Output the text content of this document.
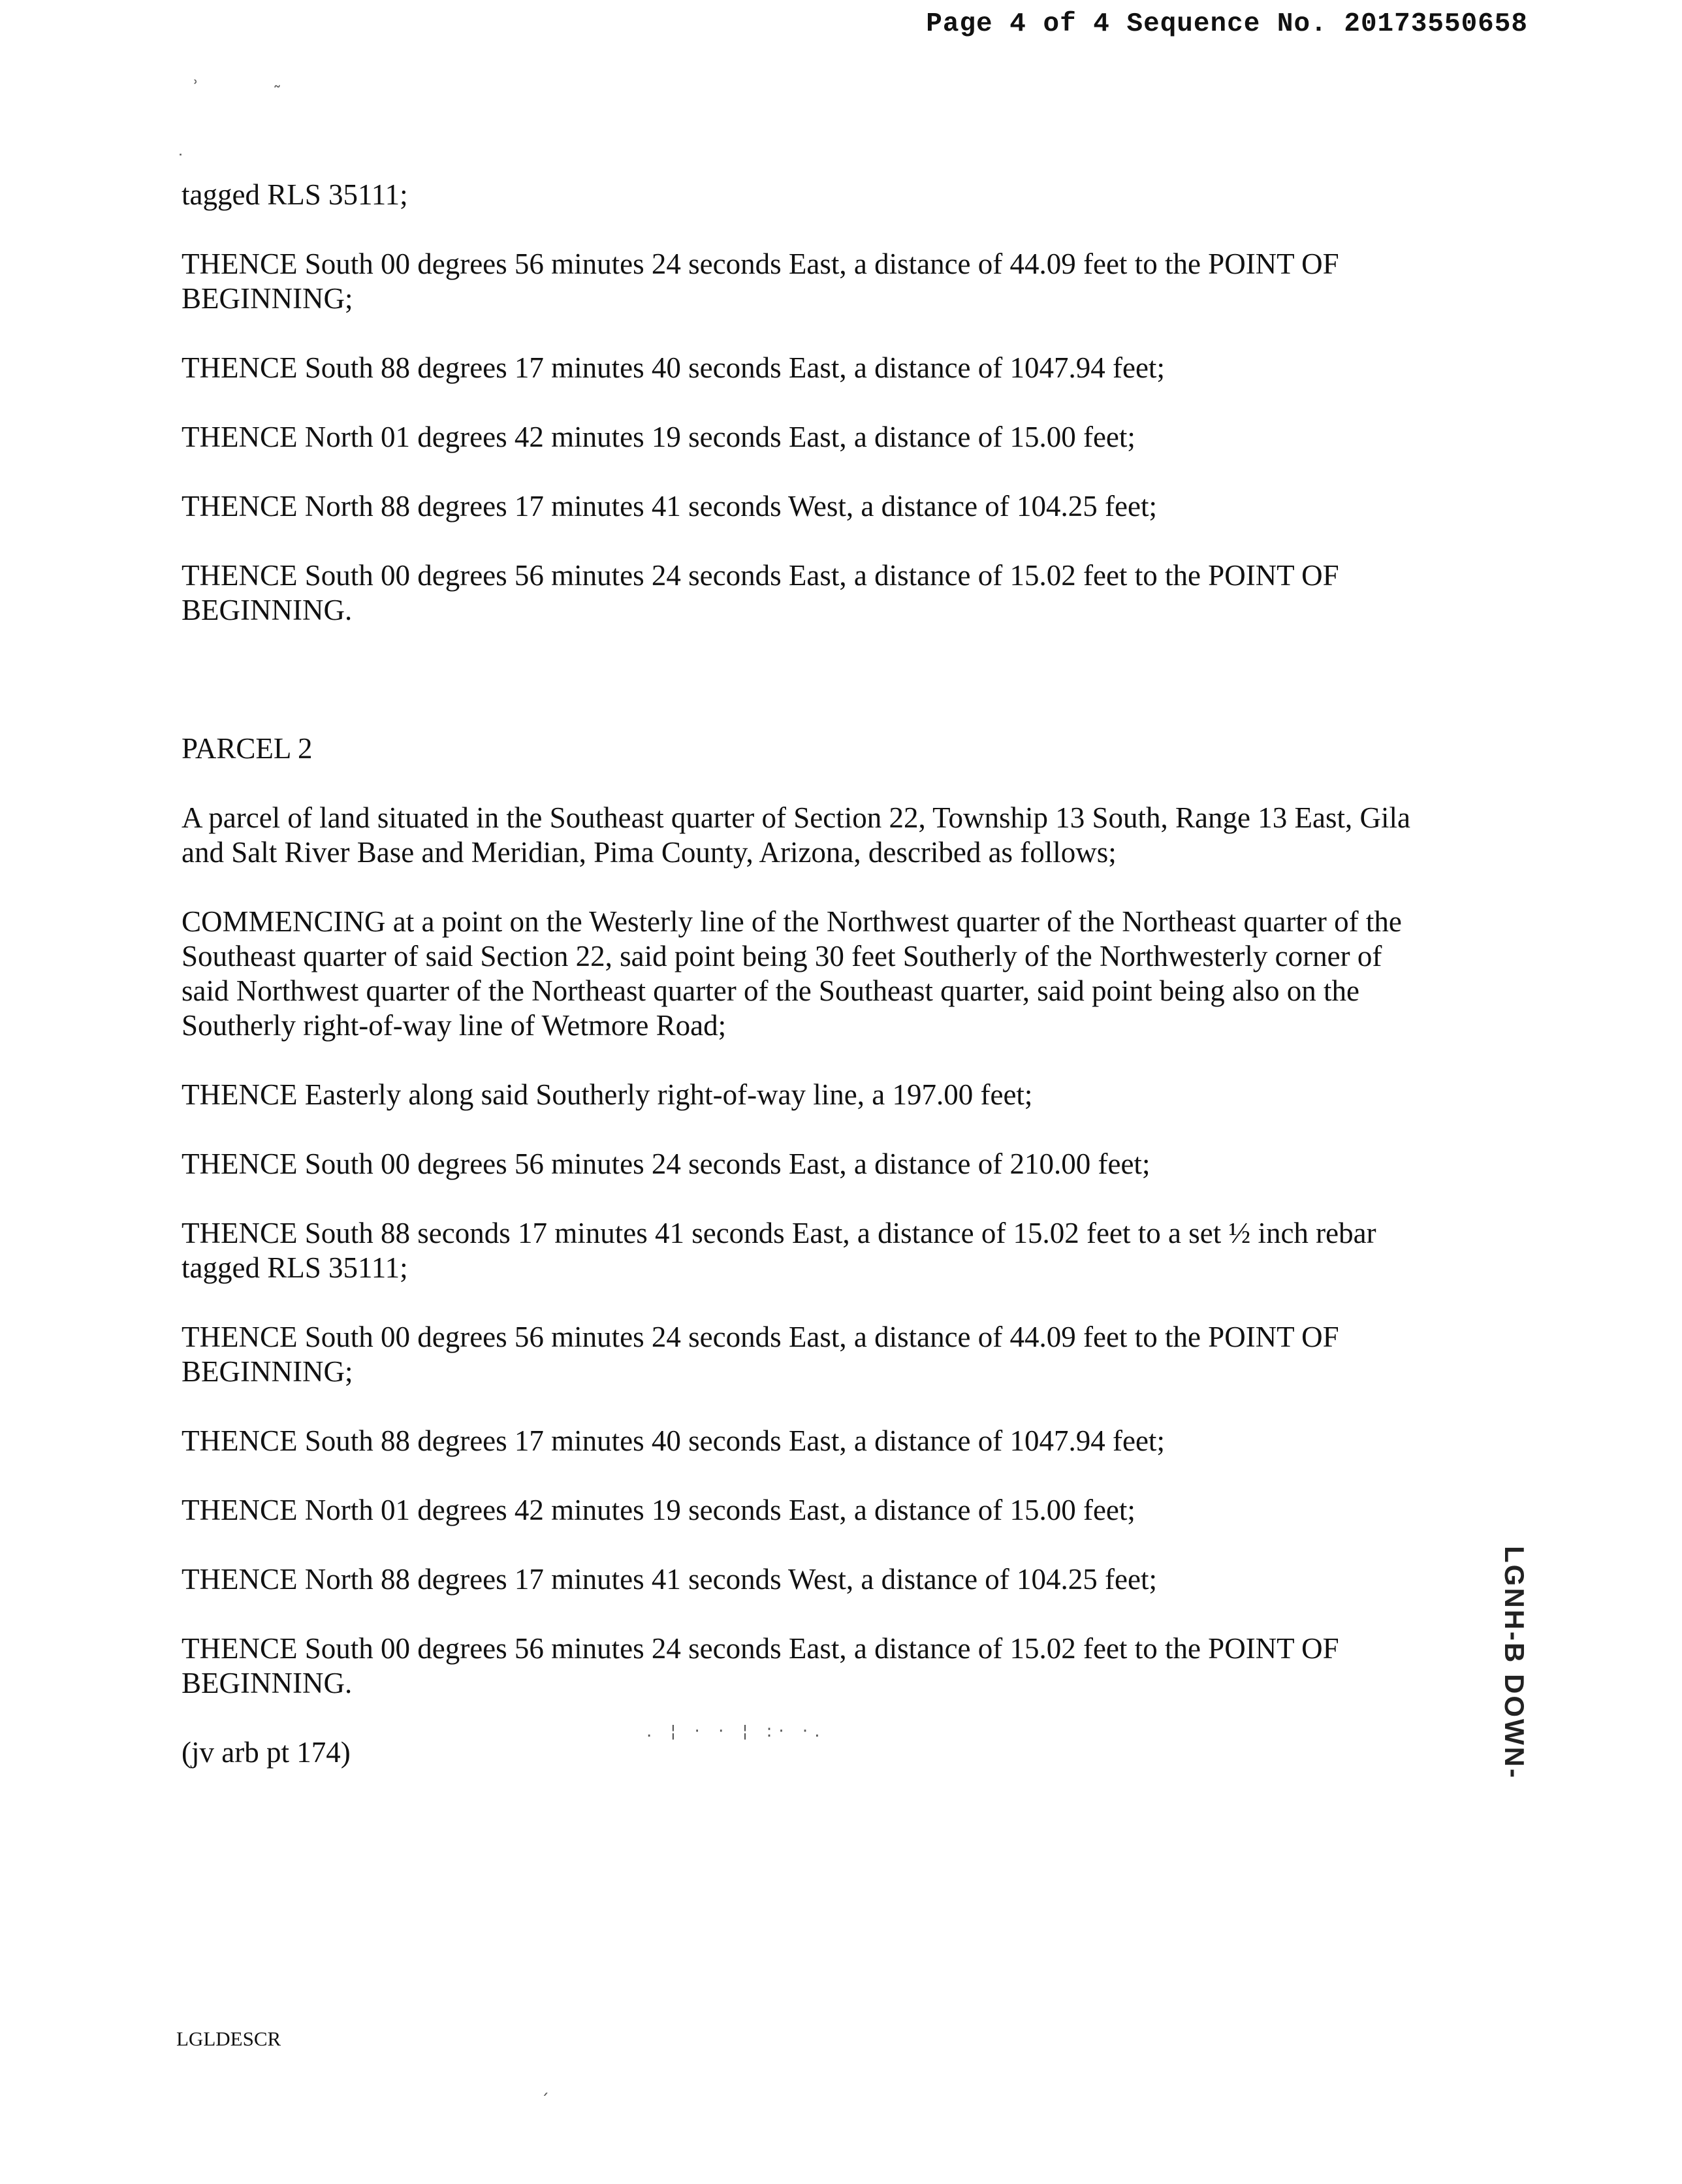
Page 4 of 4 Sequence No. 20173550658
˒	˷
˙

tagged RLS 35111;

THENCE South 00 degrees 56 minutes 24 seconds East, a distance of 44.09 feet to the POINT OF
BEGINNING;

THENCE South 88 degrees 17 minutes 40 seconds East, a distance of 1047.94 feet;

THENCE North 01 degrees 42 minutes 19 seconds East, a distance of 15.00 feet;

THENCE North 88 degrees 17 minutes 41 seconds West, a distance of 104.25 feet;

THENCE South 00 degrees 56 minutes 24 seconds East, a distance of 15.02 feet to the POINT OF
BEGINNING.

PARCEL 2

A parcel of land situated in the Southeast quarter of Section 22, Township 13 South, Range 13 East, Gila
and Salt River Base and Meridian, Pima County, Arizona, described as follows;

COMMENCING at a point on the Westerly line of the Northwest quarter of the Northeast quarter of the
Southeast quarter of said Section 22, said point being 30 feet Southerly of the Northwesterly corner of
said Northwest quarter of the Northeast quarter of the Southeast quarter, said point being also on the
Southerly right-of-way line of Wetmore Road;

THENCE Easterly along said Southerly right-of-way line, a 197.00 feet;

THENCE South 00 degrees 56 minutes 24 seconds East, a distance of 210.00 feet;

THENCE South 88 seconds 17 minutes 41 seconds East, a distance of 15.02 feet to a set ½ inch rebar
tagged RLS 35111;

THENCE South 00 degrees 56 minutes 24 seconds East, a distance of 44.09 feet to the POINT OF
BEGINNING;

THENCE South 88 degrees 17 minutes 40 seconds East, a distance of 1047.94 feet;

THENCE North 01 degrees 42 minutes 19 seconds East, a distance of 15.00 feet;

THENCE North 88 degrees 17 minutes 41 seconds West, a distance of 104.25 feet;

THENCE South 00 degrees 56 minutes 24 seconds East, a distance of 15.02 feet to the POINT OF
BEGINNING.

(jv arb pt 174)

. ¦ · · ¦ :· ·.	LGNH-B DOWN-
LGLDESCR
ˏ
